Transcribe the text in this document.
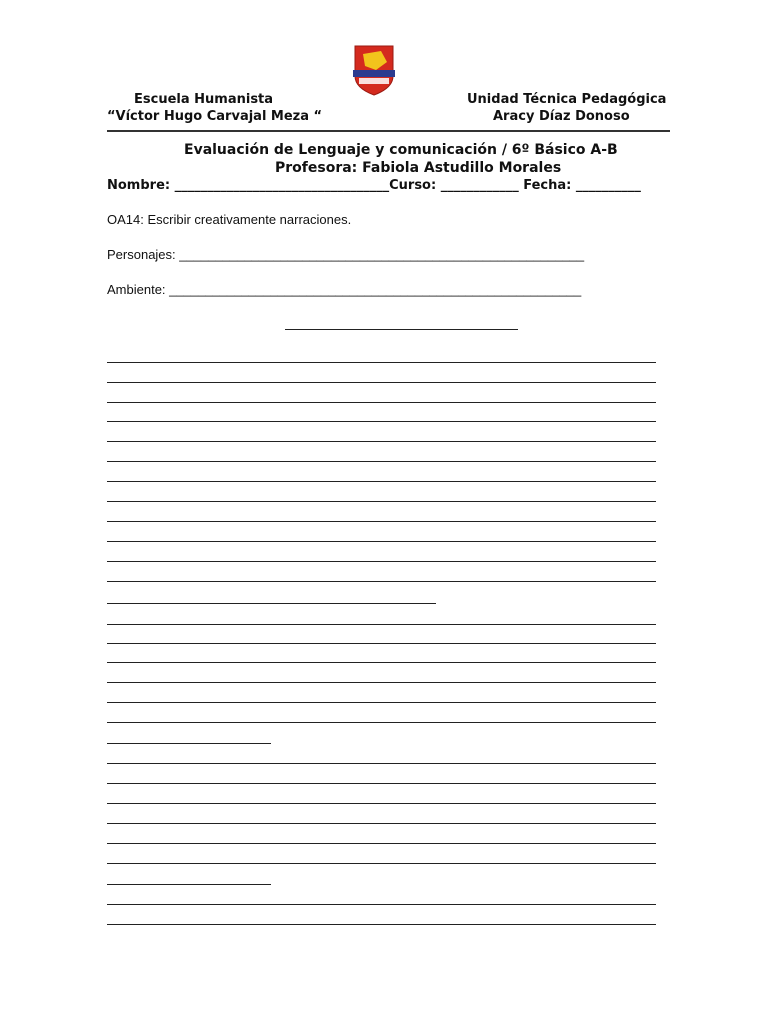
Escuela Humanista
“Víctor Hugo Carvajal Meza “
Unidad Técnica Pedagógica
Aracy Díaz Donoso
Evaluación de Lenguaje y comunicación / 6º Básico A-B
Profesora: Fabiola Astudillo Morales
Nombre: _________________________________Curso: ____________ Fecha: __________
OA14: Escribir creativamente narraciones.
Personajes: ________________________________________________________
Ambiente: _________________________________________________________
